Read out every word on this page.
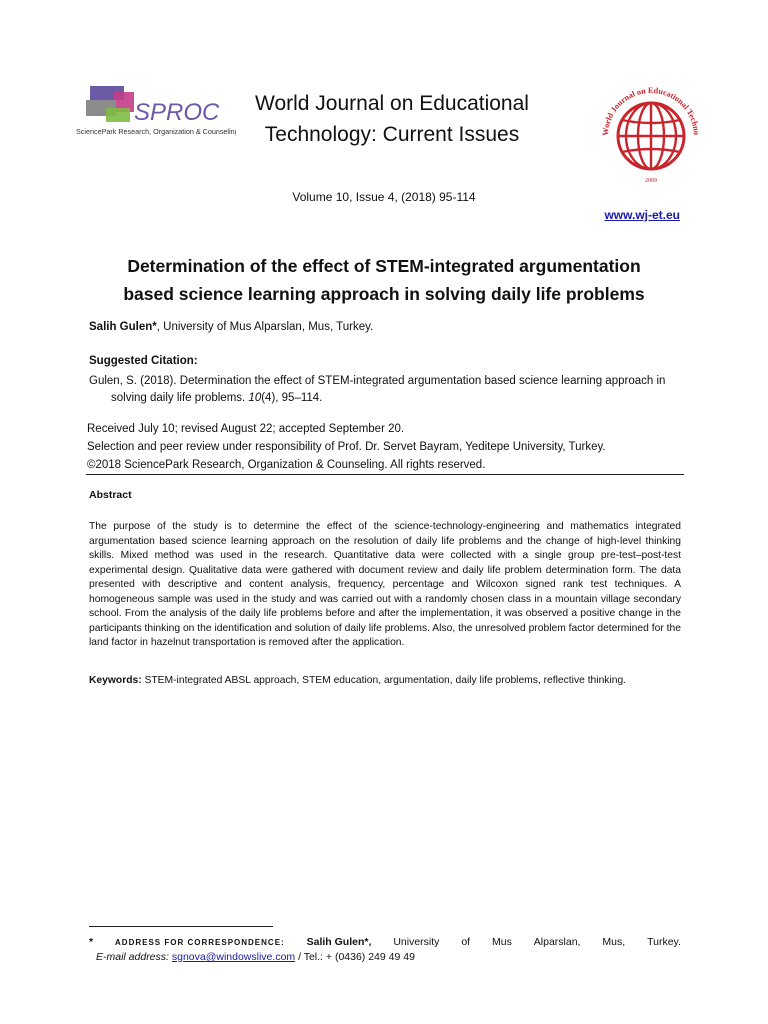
SPROC
SciencePark Research, Organization & Counseling
World Journal on Educational
Technology: Current Issues	World Journal on Educational Techno
2009
Volume 10, Issue 4, (2018) 95-114
www.wj-et.eu
Determination of the effect of STEM-integrated argumentation
based science learning approach in solving daily life problems
Salih Gulen*, University of Mus Alparslan, Mus, Turkey.
Suggested Citation:
Gulen, S. (2018). Determination the effect of STEM-integrated argumentation based science learning approach in
solving daily life problems. 10(4), 95–114.
Received July 10; revised August 22; accepted September 20.
Selection and peer review under responsibility of Prof. Dr. Servet Bayram, Yeditepe University, Turkey.
©2018 SciencePark Research, Organization & Counseling. All rights reserved.
Abstract
The purpose of the study is to determine the effect of the science-technology-engineering and mathematics integrated argumentation based science learning approach on the resolution of daily life problems and the change of high-level thinking skills. Mixed method was used in the research. Quantitative data were collected with a single group pre-test–post-test experimental design. Qualitative data were gathered with document review and daily life problem determination form. The data presented with descriptive and content analysis, frequency, percentage and Wilcoxon signed rank test techniques. A homogeneous sample was used in the study and was carried out with a randomly chosen class in a mountain village secondary school. From the analysis of the daily life problems before and after the implementation, it was observed a positive change in the participants thinking on the identification and solution of daily life problems. Also, the unresolved problem factor determined for the land factor in hazelnut transportation is removed after the application.
Keywords: STEM-integrated ABSL approach, STEM education, argumentation, daily life problems, reflective thinking.
*	ADDRESS FOR CORRESPONDENCE: Salih Gulen*, University of Mus Alparslan, Mus, Turkey.
E-mail address: sgnova@windowslive.com / Tel.: + (0436) 249 49 49
